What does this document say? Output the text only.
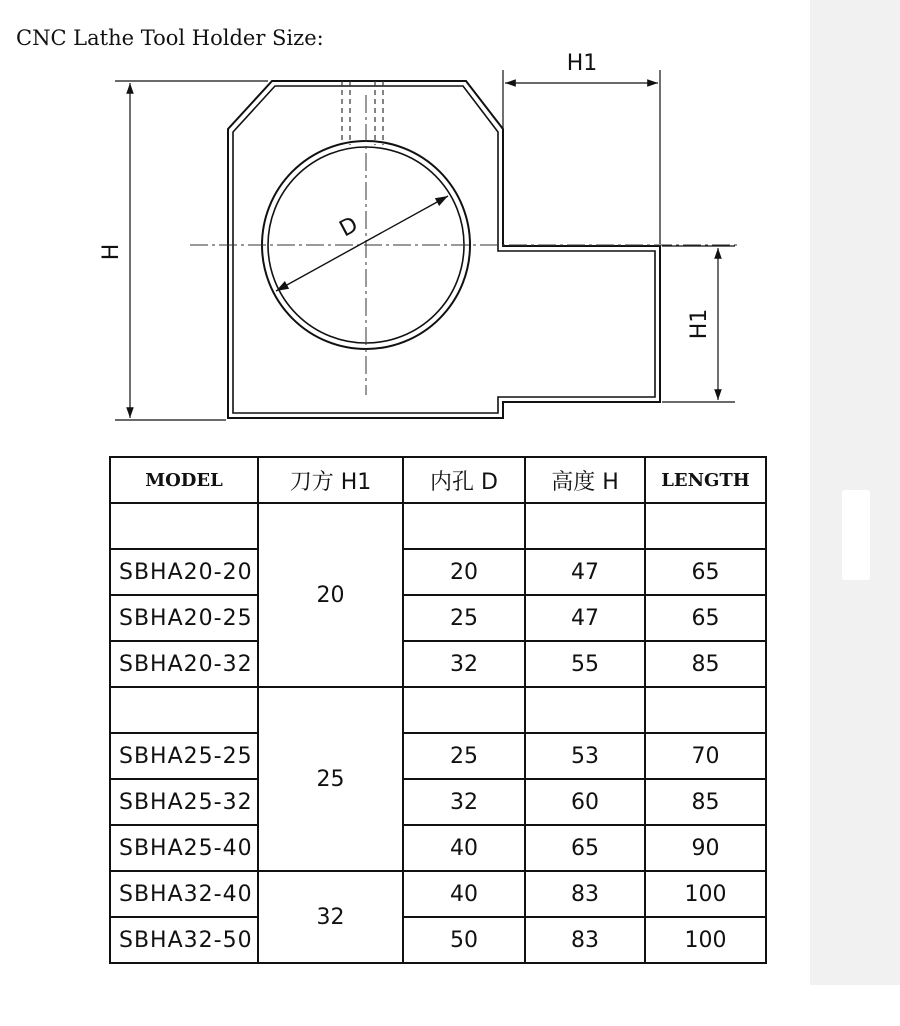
CNC Lathe Tool Holder Size:
H
H1
H1
D
MODEL	刀方 H1	内孔 D	高度 H	LENGTH
	20			
SBHA20-20		20	47	65
SBHA20-25		25	47	65
SBHA20-32		32	55	85
	25			
SBHA25-25		25	53	70
SBHA25-32		32	60	85
SBHA25-40		40	65	90
SBHA32-40	32	40	83	100
SBHA32-50		50	83	100
